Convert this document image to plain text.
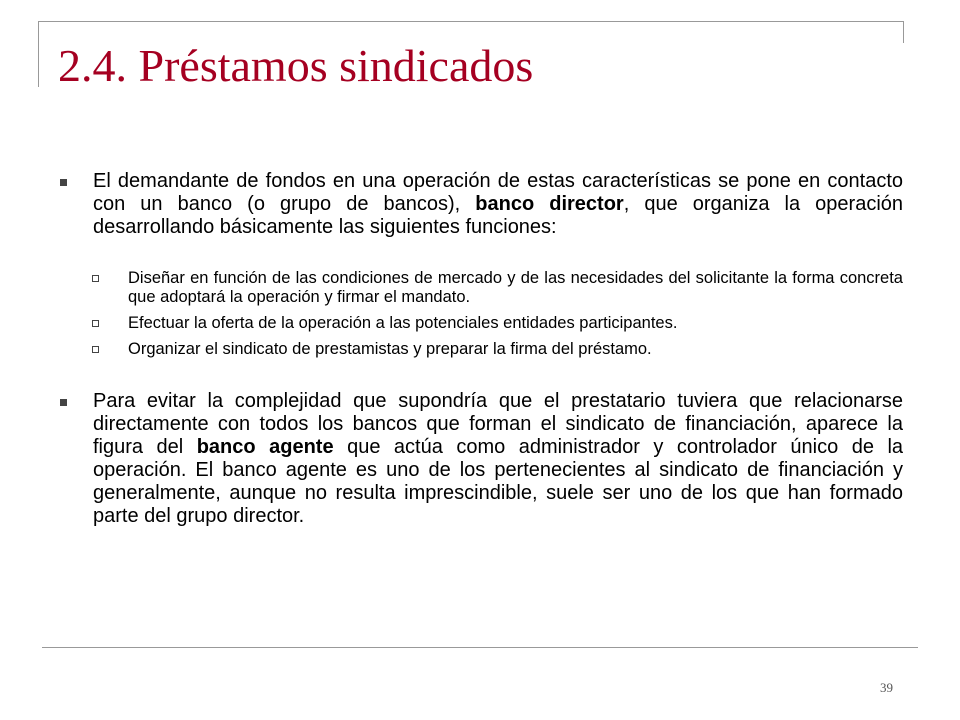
2.4. Préstamos sindicados
El demandante de fondos en una operación de estas características se pone en contacto con un banco (o grupo de bancos), banco director, que organiza la operación desarrollando básicamente las siguientes funciones:
Diseñar en función de las condiciones de mercado y de las necesidades del solicitante la forma concreta que adoptará la operación y firmar el mandato.
Efectuar la oferta de la operación a las potenciales entidades participantes.
Organizar el sindicato de prestamistas y preparar la firma del préstamo.
Para evitar la complejidad que supondría que el prestatario tuviera que relacionarse directamente con todos los bancos que forman el sindicato de financiación, aparece la figura del banco agente que actúa como administrador y controlador único de la operación. El banco agente es uno de los pertenecientes al sindicato de financiación y generalmente, aunque no resulta imprescindible, suele ser uno de los que han formado parte del grupo director.
39
